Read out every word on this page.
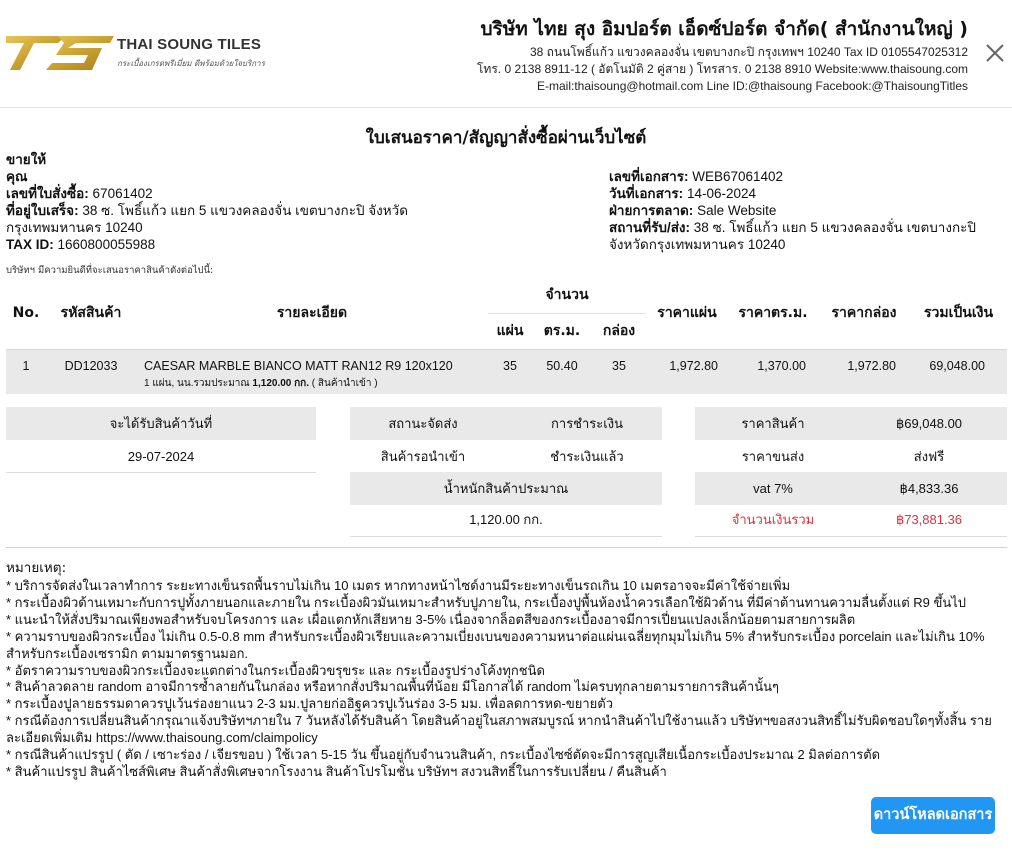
THAI SOUNG TILES
กระเบื้องเกรดพรีเมี่ยม ดีพร้อมด้วยใจบริการ
บริษัท ไทย สุง อิมปอร์ต เอ็ดซ์ปอร์ต จำกัด( สำนักงานใหญ่ )
38 ถนนโพธิ์แก้ว แขวงคลองจั่น เขตบางกะปิ กรุงเทพฯ 10240 Tax ID 0105547025312
โทร. 0 2138 8911-12 ( อัตโนมัติ 2 คู่สาย ) โทรสาร. 0 2138 8910 Website:www.thaisoung.com
E-mail:thaisoung@hotmail.com Line ID:@thaisoung Facebook:@ThaisoungTitles
ใบเสนอราคา/สัญญาสั่งซื้อผ่านเว็บไซต์
ขายให้
คุณ
เลขที่ใบสั่งซื้อ: 67061402
ที่อยู่ใบเสร็จ: 38 ซ. โพธิ์แก้ว แยก 5 แขวงคลองจั่น เขตบางกะปิ จังหวัด กรุงเทพมหานคร 10240
TAX ID: 1660800055988
เลขที่เอกสาร: WEB67061402
วันที่เอกสาร: 14-06-2024
ฝ่ายการตลาด: Sale Website
สถานที่รับ/ส่ง: 38 ซ. โพธิ์แก้ว แยก 5 แขวงคลองจั่น เขตบางกะปิ จังหวัดกรุงเทพมหานคร 10240
บริษัทฯ มีความยินดีที่จะเสนอราคาสินค้าดังต่อไปนี้:
No.	รหัสสินค้า	รายละเอียด	จำนวน			ราคาแผ่น	ราคาตร.ม.	ราคากล่อง	รวมเป็นเงิน
			แผ่น	ตร.ม.	กล่อง				
1	DD12033	CAESAR MARBLE BIANCO MATT RAN12 R9 120x120
1 แผ่น, นน.รวมประมาณ 1,120.00 กก. ( สินค้านำเข้า )	35	50.40	35	1,972.80	1,370.00	1,972.80	69,048.00
จะได้รับสินค้าวันที่
29-07-2024
สถานะจัดส่ง	การชำระเงิน
สินค้ารอนำเข้า	ชำระเงินแล้ว
น้ำหนักสินค้าประมาณ
1,120.00 กก.
ราคาสินค้า	฿69,048.00
ราคาขนส่ง	ส่งฟรี
vat 7%	฿4,833.36
จำนวนเงินรวม	฿73,881.36
หมายเหตุ:
* บริการจัดส่งในเวลาทำการ ระยะทางเข็นรถพื้นราบไม่เกิน 10 เมตร หากทางหน้าไซด์งานมีระยะทางเข็นรถเกิน 10 เมตรอาจจะมีค่าใช้จ่ายเพิ่ม
* กระเบื้องผิวด้านเหมาะกับการปูทั้งภายนอกและภายใน กระเบื้องผิวมันเหมาะสำหรับปูภายใน, กระเบื้องปูพื้นห้องน้ำควรเลือกใช้ผิวด้าน ที่มีค่าต้านทานความลื่นตั้งแต่ R9 ขึ้นไป
* แนะนำให้สั่งปริมาณเพียงพอสำหรับจบโครงการ และ เผื่อแตกหักเสียหาย 3-5% เนื่องจากล็อตสีของกระเบื้องอาจมีการเปี่ยนแปลงเล็กน้อยตามสายการผลิต
* ความราบของผิวกระเบื้อง ไม่เกิน 0.5-0.8 mm สำหรับกระเบื้องผิวเรียบและความเบี่ยงเบนของความหนาต่อแผ่นเฉลี่ยทุกมุมไม่เกิน 5% สำหรับกระเบื้อง porcelain และไม่เกิน 10% สำหรับกระเบื้องเซรามิก ตามมาตรฐานมอก.
* อัตราความราบของผิวกระเบื้องจะแตกต่างในกระเบื้องผิวขรุขระ และ กระเบื้องรูปร่างโค้งทุกชนิด
* สินค้าลวดลาย random อาจมีการซ้ำลายกันในกล่อง หรือหากสั่งปริมาณพื้นที่น้อย มีโอกาสได้ random ไม่ครบทุกลายตามรายการสินค้านั้นๆ
* กระเบื้องปูลายธรรมดาควรปูเว้นร่องยาแนว 2-3 มม.ปูลายก่ออิฐควรปูเว้นร่อง 3-5 มม. เพื่อลดการหด-ขยายตัว
* กรณีต้องการเปลี่ยนสินค้ากรุณาแจ้งบริษัทฯภายใน 7 วันหลังได้รับสินค้า โดยสินค้าอยู่ในสภาพสมบูรณ์ หากนำสินค้าไปใช้งานแล้ว บริษัทฯขอสงวนสิทธิ์ไม่รับผิดชอบใดๆทั้งสิ้น รายละเอียดเพิ่มเติม https://www.thaisoung.com/claimpolicy
* กรณีสินค้าแปรรูป ( ตัด / เซาะร่อง / เจียรขอบ ) ใช้เวลา 5-15 วัน ขึ้นอยู่กับจำนวนสินค้า, กระเบื้องไซซ์ตัดจะมีการสูญเสียเนื้อกระเบื้องประมาณ 2 มิลต่อการตัด
* สินค้าแปรรูป สินค้าไซส์พิเศษ สินค้าสั่งพิเศษจากโรงงาน สินค้าโปรโมชั่น บริษัทฯ สงวนสิทธิ์ในการรับเปลี่ยน / คืนสินค้า
ดาวน์โหลดเอกสาร
